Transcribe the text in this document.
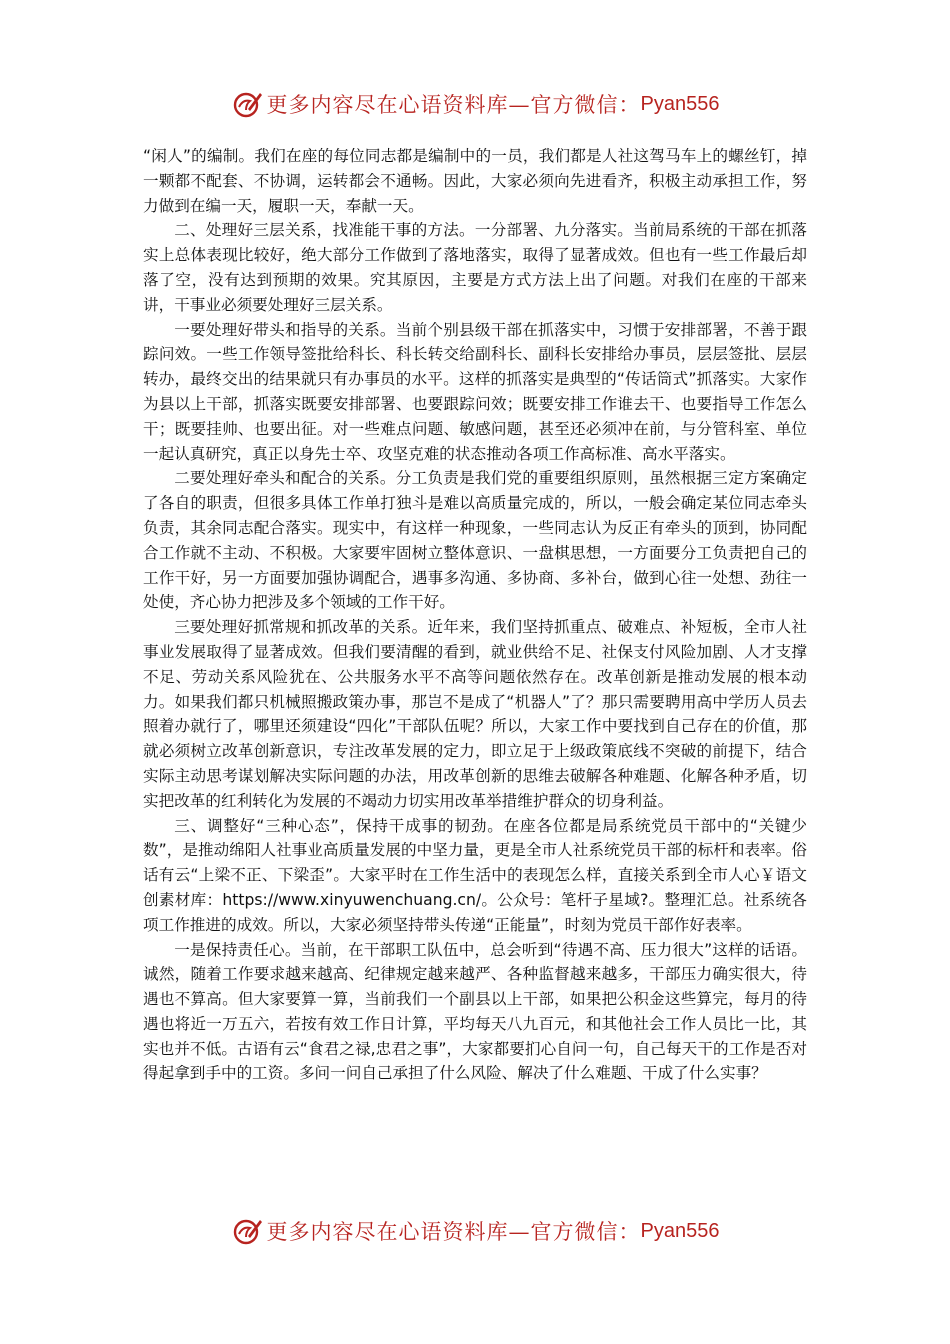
更多内容尽在心语资料库—官方微信： Pyan556

“闲人”的编制。我们在座的每位同志都是编制中的一员，我们都是人社这驾马车上的螺丝钉，掉一颗都不配套、不协调，运转都会不通畅。因此，大家必须向先进看齐，积极主动承担工作，努力做到在编一天，履职一天，奉献一天。

二、处理好三层关系，找准能干事的方法。一分部署、九分落实。当前局系统的干部在抓落实上总体表现比较好，绝大部分工作做到了落地落实，取得了显著成效。但也有一些工作最后却落了空，没有达到预期的效果。究其原因，主要是方式方法上出了问题。对我们在座的干部来讲，干事业必须要处理好三层关系。

一要处理好带头和指导的关系。当前个别县级干部在抓落实中，习惯于安排部署，不善于跟踪问效。一些工作领导签批给科长、科长转交给副科长、副科长安排给办事员，层层签批、层层转办，最终交出的结果就只有办事员的水平。这样的抓落实是典型的“传话筒式”抓落实。大家作为县以上干部，抓落实既要安排部署、也要跟踪问效；既要安排工作谁去干、也要指导工作怎么干；既要挂帅、也要出征。对一些难点问题、敏感问题，甚至还必须冲在前，与分管科室、单位一起认真研究，真正以身先士卒、攻坚克难的状态推动各项工作高标准、高水平落实。

二要处理好牵头和配合的关系。分工负责是我们党的重要组织原则，虽然根据三定方案确定了各自的职责，但很多具体工作单打独斗是难以高质量完成的，所以，一般会确定某位同志牵头负责，其余同志配合落实。现实中，有这样一种现象，一些同志认为反正有牵头的顶到，协同配合工作就不主动、不积极。大家要牢固树立整体意识、一盘棋思想，一方面要分工负责把自己的工作干好，另一方面要加强协调配合，遇事多沟通、多协商、多补台，做到心往一处想、劲往一处使，齐心协力把涉及多个领域的工作干好。

三要处理好抓常规和抓改革的关系。近年来，我们坚持抓重点、破难点、补短板，全市人社事业发展取得了显著成效。但我们要清醒的看到，就业供给不足、社保支付风险加剧、人才支撑不足、劳动关系风险犹在、公共服务水平不高等问题依然存在。改革创新是推动发展的根本动力。如果我们都只机械照搬政策办事，那岂不是成了“机器人”了？那只需要聘用高中学历人员去照着办就行了，哪里还须建设“四化”干部队伍呢？所以，大家工作中要找到自己存在的价值，那就必须树立改革创新意识，专注改革发展的定力，即立足于上级政策底线不突破的前提下，结合实际主动思考谋划解决实际问题的办法，用改革创新的思维去破解各种难题、化解各种矛盾，切实把改革的红利转化为发展的不竭动力切实用改革举措维护群众的切身利益。

三、调整好“三种心态”，保持干成事的韧劲。在座各位都是局系统党员干部中的“关键少数”，是推动绵阳人社事业高质量发展的中坚力量，更是全市人社系统党员干部的标杆和表率。俗话有云“上梁不正、下梁歪”。大家平时在工作生活中的表现怎么样，直接关系到全市人心￥语文创素材库：https://www.xinyuwenchuang.cn/。公众号：笔杆子星域?。整理汇总。社系统各项工作推进的成效。所以，大家必须坚持带头传递“正能量”，时刻为党员干部作好表率。

一是保持责任心。当前，在干部职工队伍中，总会听到“待遇不高、压力很大”这样的话语。诚然，随着工作要求越来越高、纪律规定越来越严、各种监督越来越多，干部压力确实很大，待遇也不算高。但大家要算一算，当前我们一个副县以上干部，如果把公积金这些算完，每月的待遇也将近一万五六，若按有效工作日计算，平均每天八九百元，和其他社会工作人员比一比，其实也并不低。古语有云“食君之禄,忠君之事”，大家都要扪心自问一句，自己每天干的工作是否对得起拿到手中的工资。多问一问自己承担了什么风险、解决了什么难题、干成了什么实事？

更多内容尽在心语资料库—官方微信： Pyan556
